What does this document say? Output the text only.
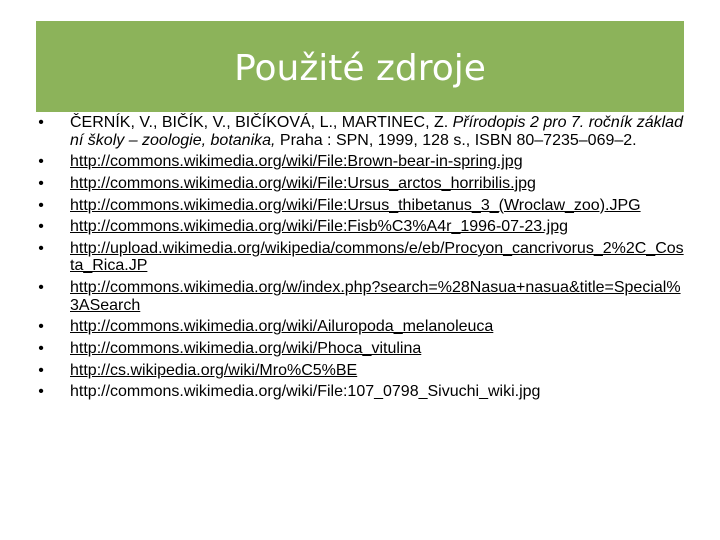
Použité zdroje
• ČERNÍK, V., BIČÍK, V., BIČÍKOVÁ, L., MARTINEC, Z. Přírodopis 2 pro 7. ročník základní školy – zoologie, botanika, Praha : SPN, 1999, 128 s., ISBN 80–7235–069–2.
• http://commons.wikimedia.org/wiki/File:Brown-bear-in-spring.jpg
• http://commons.wikimedia.org/wiki/File:Ursus_arctos_horribilis.jpg
• http://commons.wikimedia.org/wiki/File:Ursus_thibetanus_3_(Wroclaw_zoo).JPG
• http://commons.wikimedia.org/wiki/File:Fisb%C3%A4r_1996-07-23.jpg
• http://upload.wikimedia.org/wikipedia/commons/e/eb/Procyon_cancrivorus_2%2C_Costa_Rica.JP
• http://commons.wikimedia.org/w/index.php?search=%28Nasua+nasua&title=Special%3ASearch
• http://commons.wikimedia.org/wiki/Ailuropoda_melanoleuca
• http://commons.wikimedia.org/wiki/Phoca_vitulina
• http://cs.wikipedia.org/wiki/Mro%C5%BE
• http://commons.wikimedia.org/wiki/File:107_0798_Sivuchi_wiki.jpg
